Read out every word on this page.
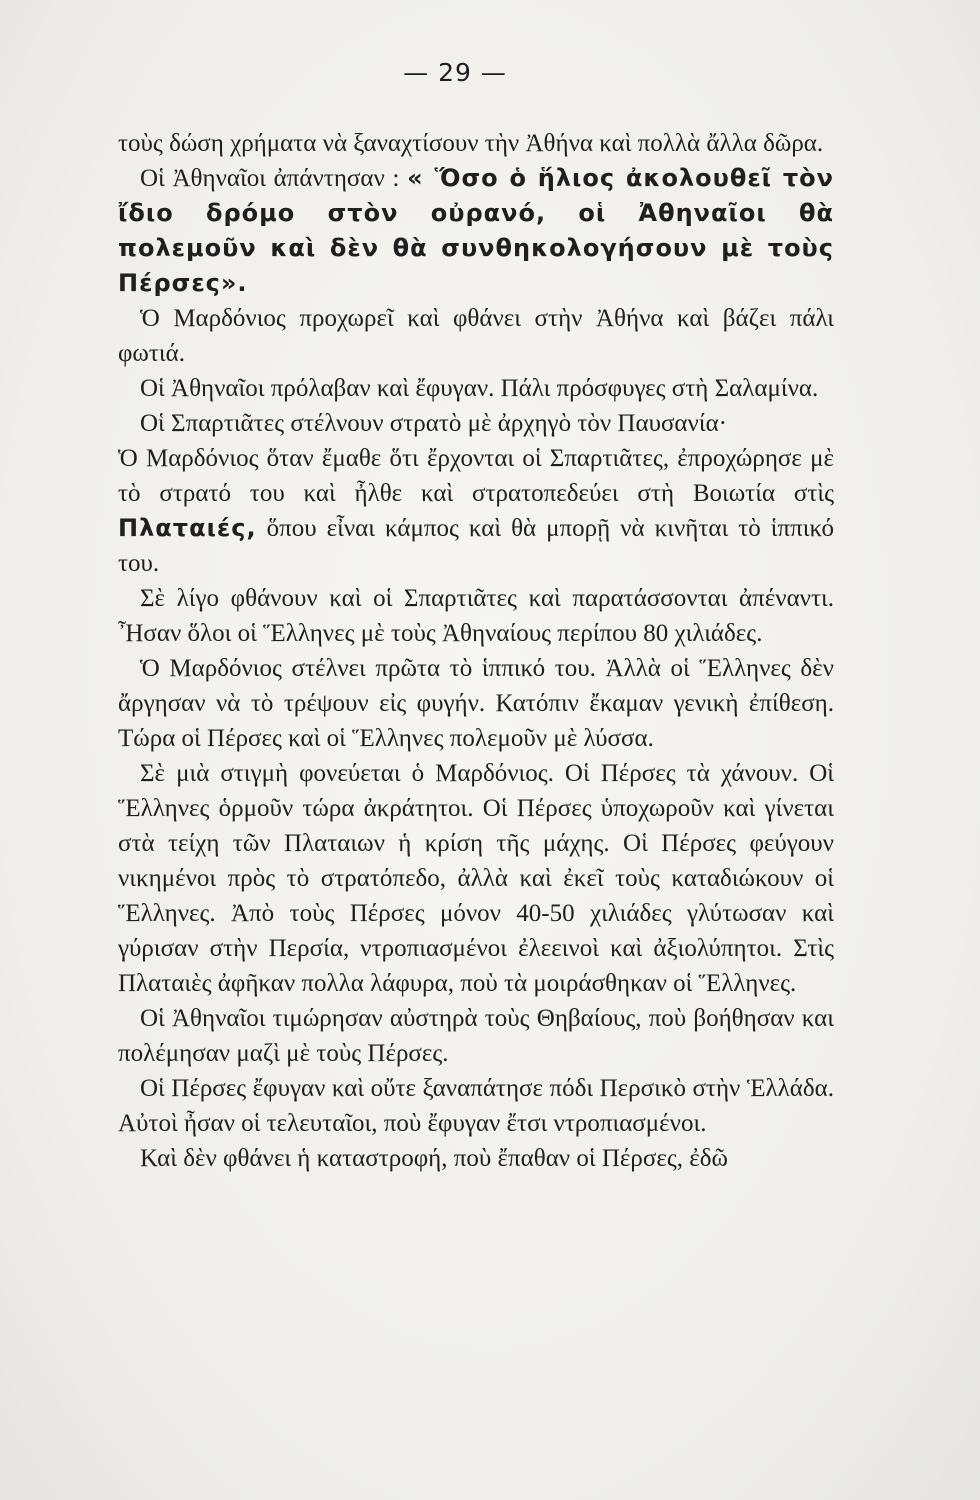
— 29 —

τοὺς δώση χρήματα νὰ ξαναχτίσουν τὴν Ἀθήνα καὶ πολλὰ ἄλλα δῶρα.

Οἱ Ἀθηναῖοι ἀπάντησαν : « Ὅσο ὁ ἥλιος ἀκολουθεῖ τὸν ἴδιο δρόμο στὸν οὐρανό, οἱ Ἀθηναῖοι θὰ πολεμοῦν καὶ δὲν θὰ συνθηκολογήσουν μὲ τοὺς Πέρσες».

Ὁ Μαρδόνιος προχωρεῖ καὶ φθάνει στὴν Ἀθήνα καὶ βάζει πάλι φωτιά.

Οἱ Ἀθηναῖοι πρόλαβαν καὶ ἔφυγαν. Πάλι πρόσφυγες στὴ Σαλαμίνα.

Οἱ Σπαρτιᾶτες στέλνουν στρατὸ μὲ ἀρχηγὸ τὸν Παυσανία·

Ὁ Μαρδόνιος ὅταν ἔμαθε ὅτι ἔρχονται οἱ Σπαρτιᾶτες, ἐπροχώρησε μὲ τὸ στρατό του καὶ ἦλθε καὶ στρατοπεδεύει στὴ Βοιωτία στὶς Πλαταιές, ὅπου εἶναι κάμπος καὶ θὰ μπορῇ νὰ κινῆται τὸ ἱππικό του.

Σὲ λίγο φθάνουν καὶ οἱ Σπαρτιᾶτες καὶ παρατάσσονται ἀπέναντι. Ἦσαν ὅλοι οἱ Ἕλληνες μὲ τοὺς Ἀθηναίους περίπου 80 χιλιάδες.

Ὁ Μαρδόνιος στέλνει πρῶτα τὸ ἱππικό του. Ἀλλὰ οἱ Ἕλληνες δὲν ἄργησαν νὰ τὸ τρέψουν εἰς φυγήν. Κατόπιν ἔκαμαν γενικὴ ἐπίθεση. Τώρα οἱ Πέρσες καὶ οἱ Ἕλληνες πολεμοῦν μὲ λύσσα.

Σὲ μιὰ στιγμὴ φονεύεται ὁ Μαρδόνιος. Οἱ Πέρσες τὰ χάνουν. Οἱ Ἕλληνες ὁρμοῦν τώρα ἀκράτητοι. Οἱ Πέρσες ὑποχωροῦν καὶ γίνεται στὰ τείχη τῶν Πλαταιων ἡ κρίση τῆς μάχης. Οἱ Πέρσες φεύγουν νικημένοι πρὸς τὸ στρατόπεδο, ἀλλὰ καὶ ἐκεῖ τοὺς καταδιώκουν οἱ Ἕλληνες. Ἀπὸ τοὺς Πέρσες μόνον 40-50 χιλιάδες γλύτωσαν καὶ γύρισαν στὴν Περσία, ντροπιασμένοι ἐλεεινοὶ καὶ ἀξιολύπητοι. Στὶς Πλαταιὲς ἀφῆκαν πολλα λάφυρα, ποὺ τὰ μοιράσθηκαν οἱ Ἕλληνες.

Οἱ Ἀθηναῖοι τιμώρησαν αὐστηρὰ τοὺς Θηβαίους, ποὺ βοήθησαν και πολέμησαν μαζὶ μὲ τοὺς Πέρσες.

Οἱ Πέρσες ἔφυγαν καὶ οὔτε ξαναπάτησε πόδι Περσικὸ στὴν Ἑλλάδα. Αὐτοὶ ἦσαν οἱ τελευταῖοι, ποὺ ἔφυγαν ἔτσι ντροπιασμένοι.

Καὶ δὲν φθάνει ἡ καταστροφή, ποὺ ἔπαθαν οἱ Πέρσες, ἐδῶ
